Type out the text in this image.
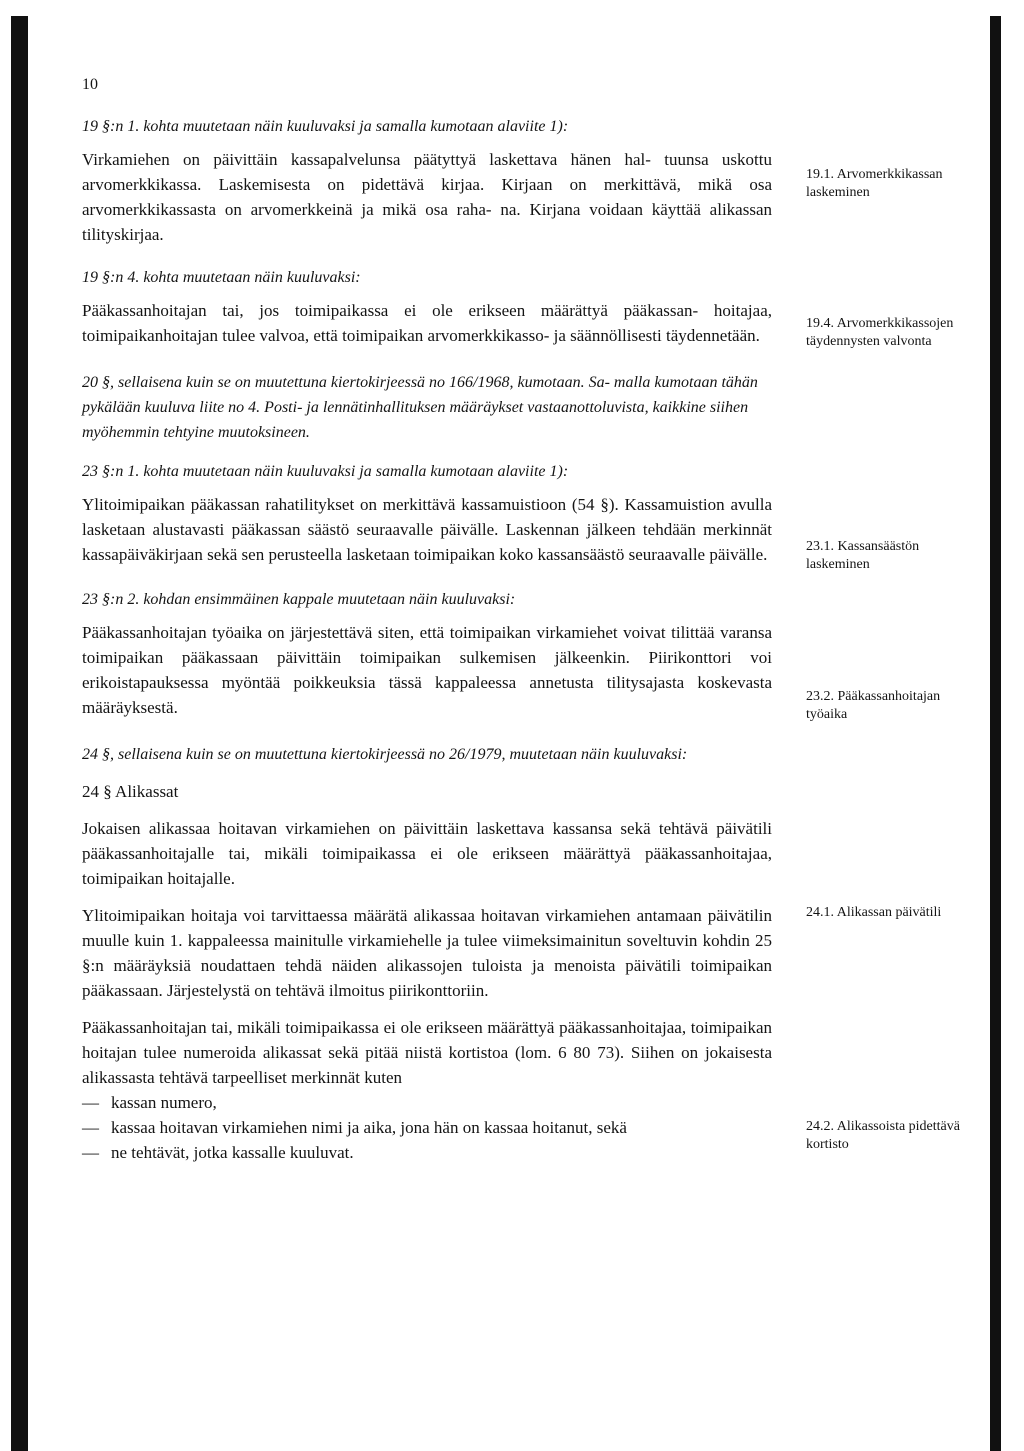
10

19 §:n 1. kohta muutetaan näin kuuluvaksi ja samalla kumotaan alaviite 1):

Virkamiehen on päivittäin kassapalvelunsa päätyttyä laskettava hänen hal- tuunsa uskottu arvomerkkikassa. Laskemisesta on pidettävä kirjaa. Kirjaan on merkittävä, mikä osa arvomerkkikassasta on arvomerkkeinä ja mikä osa raha- na. Kirjana voidaan käyttää alikassan tilityskirjaa.

19 §:n 4. kohta muutetaan näin kuuluvaksi:

Pääkassanhoitajan tai, jos toimipaikassa ei ole erikseen määrättyä pääkassan- hoitajaa, toimipaikanhoitajan tulee valvoa, että toimipaikan arvomerkkikasso- ja säännöllisesti täydennetään.

20 §, sellaisena kuin se on muutettuna kiertokirjeessä no 166/1968, kumotaan. Sa- malla kumotaan tähän pykälään kuuluva liite no 4. Posti- ja lennätinhallituksen määräykset vastaanottoluvista, kaikkine siihen myöhemmin tehtyine muutoksineen.

23 §:n 1. kohta muutetaan näin kuuluvaksi ja samalla kumotaan alaviite 1):

Ylitoimipaikan pääkassan rahatilitykset on merkittävä kassamuistioon (54 §). Kassamuistion avulla lasketaan alustavasti pääkassan säästö seuraavalle päivälle. Laskennan jälkeen tehdään merkinnät kassapäiväkirjaan sekä sen perusteella lasketaan toimipaikan koko kassansäästö seuraavalle päivälle.

23 §:n 2. kohdan ensimmäinen kappale muutetaan näin kuuluvaksi:

Pääkassanhoitajan työaika on järjestettävä siten, että toimipaikan virkamiehet voivat tilittää varansa toimipaikan pääkassaan päivittäin toimipaikan sulkemisen jälkeenkin. Piirikonttori voi erikoistapauksessa myöntää poikkeuksia tässä kappaleessa annetusta tilitysajasta koskevasta määräyksestä.

24 §, sellaisena kuin se on muutettuna kiertokirjeessä no 26/1979, muutetaan näin kuuluvaksi:

24 § Alikassat

Jokaisen alikassaa hoitavan virkamiehen on päivittäin laskettava kassansa sekä tehtävä päivätili pääkassanhoitajalle tai, mikäli toimipaikassa ei ole erikseen määrättyä pääkassanhoitajaa, toimipaikan hoitajalle.

Ylitoimipaikan hoitaja voi tarvittaessa määrätä alikassaa hoitavan virkamiehen antamaan päivätilin muulle kuin 1. kappaleessa mainitulle virkamiehelle ja tulee viimeksimainitun soveltuvin kohdin 25 §:n määräyksiä noudattaen tehdä näiden alikassojen tuloista ja menoista päivätili toimipaikan pääkassaan. Järjestelystä on tehtävä ilmoitus piirikonttoriin.

Pääkassanhoitajan tai, mikäli toimipaikassa ei ole erikseen määrättyä pääkassanhoitajaa, toimipaikan hoitajan tulee numeroida alikassat sekä pitää niistä kortistoa (lom. 6 80 73). Siihen on jokaisesta alikassasta tehtävä tarpeelliset merkinnät kuten

— kassan numero,
— kassaa hoitavan virkamiehen nimi ja aika, jona hän on kassaa hoitanut, sekä
— ne tehtävät, jotka kassalle kuuluvat.
19.1. Arvomerkkikassan laskeminen
19.4. Arvomerkkikassojen täydennysten valvonta
23.1. Kassansäästön laskeminen
23.2. Pääkassanhoitajan työaika
24.1. Alikassan päivätili
24.2. Alikassoista pidettävä kortisto
